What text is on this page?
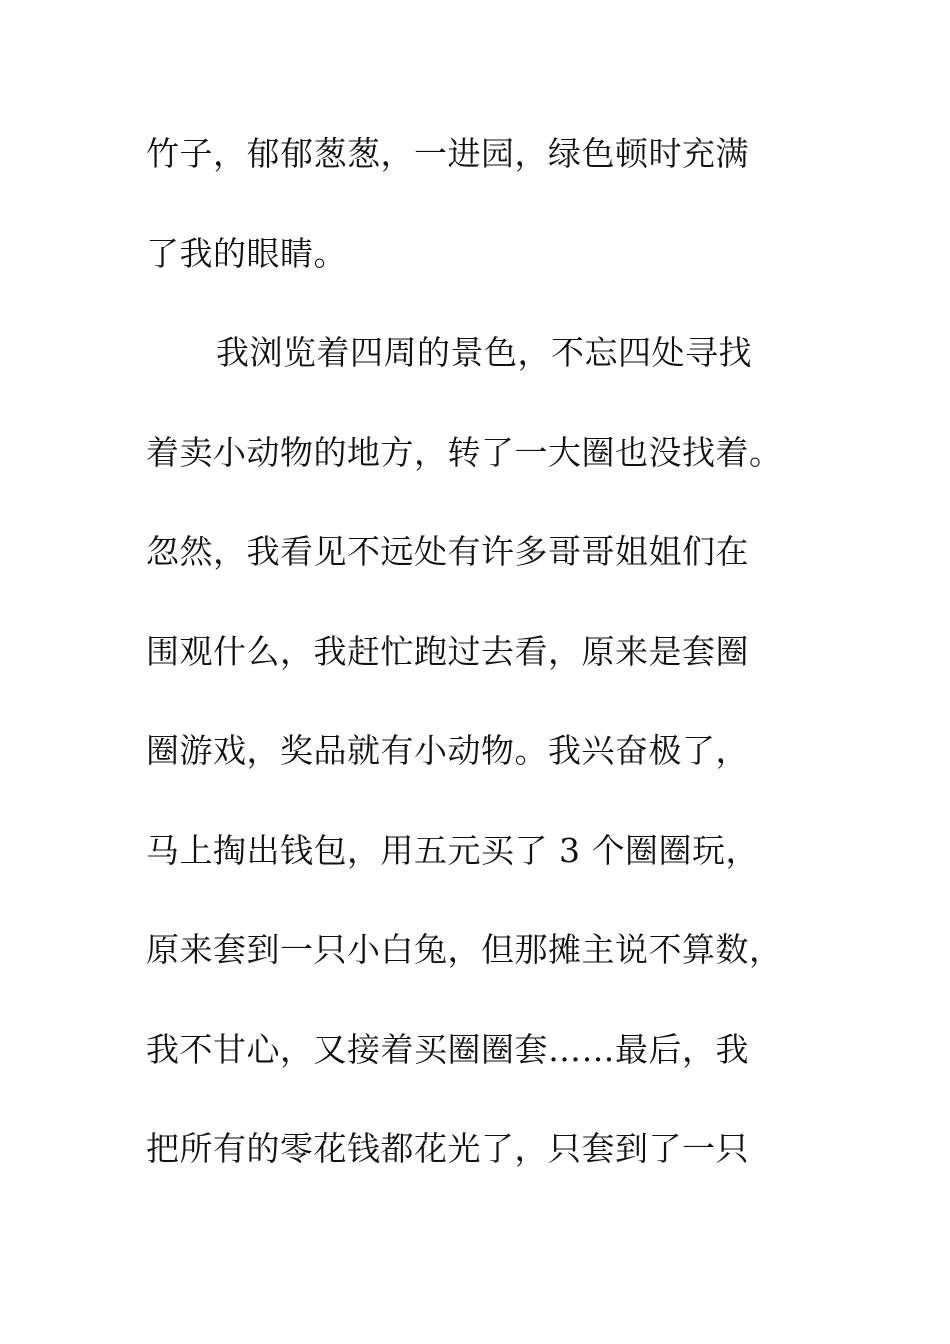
竹子，郁郁葱葱，一进园，绿色顿时充满
了我的眼睛。
我浏览着四周的景色，不忘四处寻找
着卖小动物的地方，转了一大圈也没找着。
忽然，我看见不远处有许多哥哥姐姐们在
围观什么，我赶忙跑过去看，原来是套圈
圈游戏，奖品就有小动物。我兴奋极了，
马上掏出钱包，用五元买了 3 个圈圈玩，
原来套到一只小白兔，但那摊主说不算数，
我不甘心，又接着买圈圈套……最后，我
把所有的零花钱都花光了，只套到了一只
